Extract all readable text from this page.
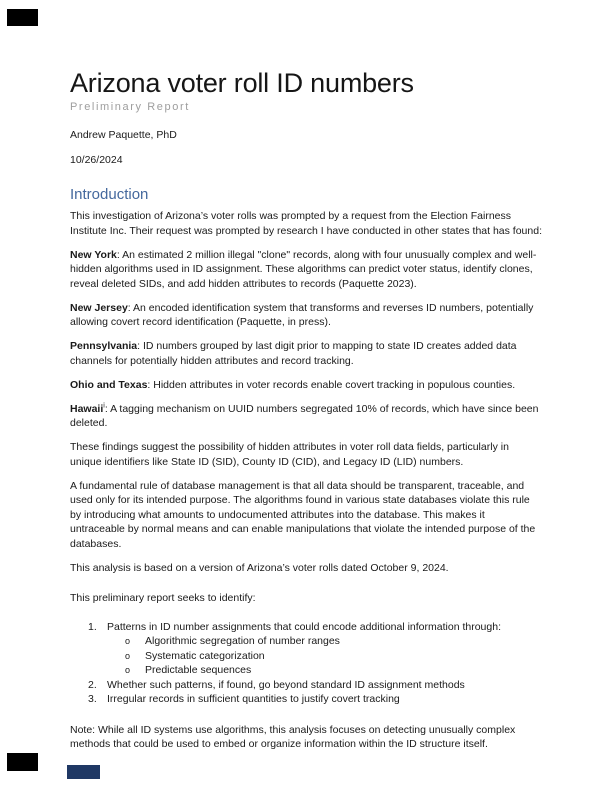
Arizona voter roll ID numbers
Preliminary Report
Andrew Paquette, PhD
10/26/2024
Introduction

This investigation of Arizona’s voter rolls was prompted by a request from the Election Fairness Institute Inc. Their request was prompted by research I have conducted in other states that has found:

New York: An estimated 2 million illegal "clone" records, along with four unusually complex and well-hidden algorithms used in ID assignment. These algorithms can predict voter status, identify clones, reveal deleted SIDs, and add hidden attributes to records (Paquette 2023).

New Jersey: An encoded identification system that transforms and reverses ID numbers, potentially allowing covert record identification (Paquette, in press).

Pennsylvania: ID numbers grouped by last digit prior to mapping to state ID creates added data channels for potentially hidden attributes and record tracking.

Ohio and Texas: Hidden attributes in voter records enable covert tracking in populous counties.

Hawaii$^i$: A tagging mechanism on UUID numbers segregated 10% of records, which have since been deleted.

These findings suggest the possibility of hidden attributes in voter roll data fields, particularly in unique identifiers like State ID (SID), County ID (CID), and Legacy ID (LID) numbers.

A fundamental rule of database management is that all data should be transparent, traceable, and used only for its intended purpose. The algorithms found in various state databases violate this rule by introducing what amounts to undocumented attributes into the database. This makes it untraceable by normal means and can enable manipulations that violate the intended purpose of the databases.

This analysis is based on a version of Arizona’s voter rolls dated October 9, 2024.

This preliminary report seeks to identify:

1. Patterns in ID number assignments that could encode additional information through:
o	Algorithmic segregation of number ranges
o	Systematic categorization
o	Predictable sequences
2. Whether such patterns, if found, go beyond standard ID assignment methods
3. Irregular records in sufficient quantities to justify covert tracking

Note: While all ID systems use algorithms, this analysis focuses on detecting unusually complex methods that could be used to embed or organize information within the ID structure itself.
